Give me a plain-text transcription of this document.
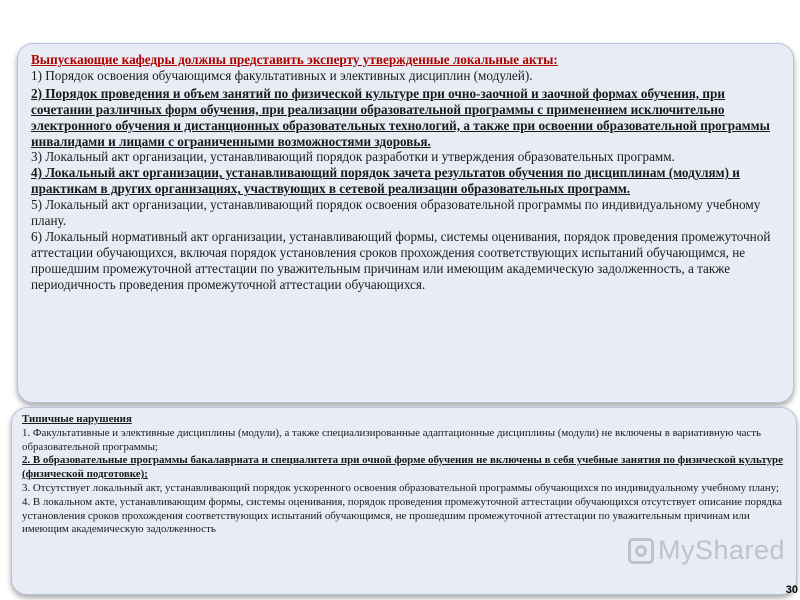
Выпускающие кафедры должны представить эксперту утвержденные локальные акты:

1) Порядок освоения обучающимся факультативных и элективных дисциплин (модулей).

2) Порядок проведения и объем занятий по физической культуре при очно-заочной и заочной формах обучения, при сочетании различных форм обучения, при реализации образовательной программы с применением исключительно электронного обучения и дистанционных образовательных технологий, а также при освоении образовательной программы инвалидами и лицами с ограниченными возможностями здоровья.

3) Локальный акт организации, устанавливающий порядок разработки и утверждения образовательных программ.

4) Локальный акт организации, устанавливающий порядок зачета результатов обучения по дисциплинам (модулям) и практикам в других организациях, участвующих в сетевой реализации образовательных программ.

5) Локальный акт организации, устанавливающий порядок освоения образовательной программы по индивидуальному учебному плану.

6) Локальный нормативный акт организации, устанавливающий формы, системы оценивания, порядок проведения промежуточной аттестации обучающихся, включая порядок установления сроков прохождения соответствующих испытаний обучающимся, не прошедшим промежуточной аттестации по уважительным причинам или имеющим академическую задолженность, а также периодичность проведения промежуточной аттестации обучающихся.

Типичные нарушения

1. Факультативные и элективные дисциплины (модули), а также специализированные адаптационные дисциплины (модули) не включены в вариативную часть образовательной программы;

2. В образовательные программы бакалавриата и специалитета при очной форме обучения не включены в себя учебные занятия по физической культуре (физической подготовке);

3. Отсутствует локальный акт, устанавливающий порядок ускоренного освоения образовательной программы обучающихся по индивидуальному учебному плану;

4. В локальном акте, устанавливающим формы, системы оценивания, порядок проведения промежуточной аттестации обучающихся отсутствует описание порядка установления сроков прохождения соответствующих испытаний обучающимся, не прошедшим промежуточной аттестации по уважительным причинам или имеющим академическую задолженность

MyShared
30
